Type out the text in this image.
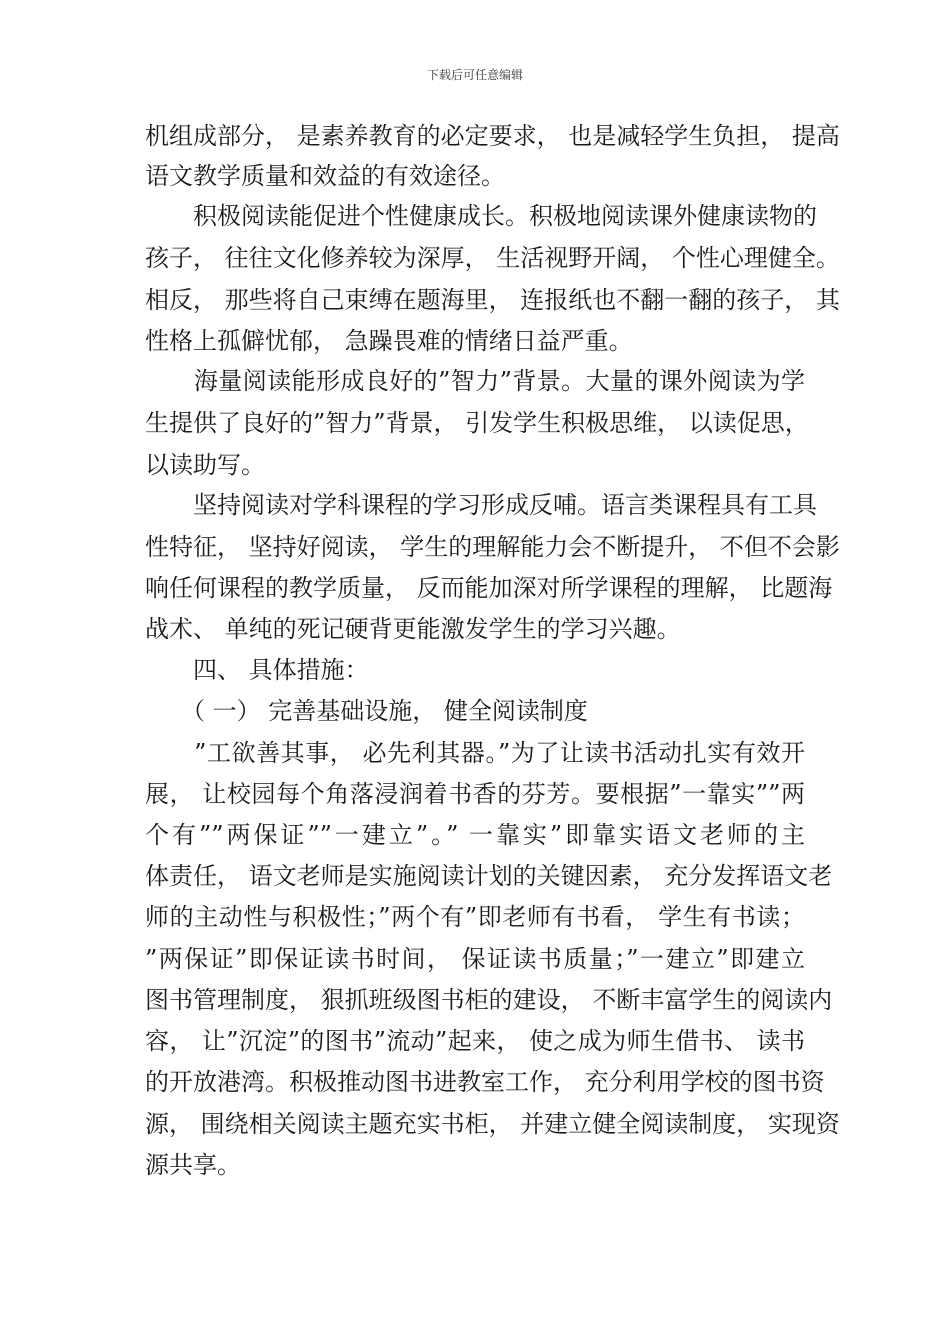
下载后可任意编辑
机组成部分， 是素养教育的必定要求， 也是减轻学生负担， 提高
语文教学质量和效益的有效途径。
　　积极阅读能促进个性健康成长。积极地阅读课外健康读物的
孩子， 往往文化修养较为深厚， 生活视野开阔， 个性心理健全。
相反， 那些将自己束缚在题海里， 连报纸也不翻一翻的孩子， 其
性格上孤僻忧郁， 急躁畏难的情绪日益严重。
　　海量阅读能形成良好的”智力”背景。大量的课外阅读为学
生提供了良好的”智力”背景， 引发学生积极思维， 以读促思，
以读助写。
　　坚持阅读对学科课程的学习形成反哺。语言类课程具有工具
性特征， 坚持好阅读， 学生的理解能力会不断提升， 不但不会影
响任何课程的教学质量， 反而能加深对所学课程的理解， 比题海
战术、 单纯的死记硬背更能激发学生的学习兴趣。
　　四、 具体措施：
　　（ 一） 完善基础设施， 健全阅读制度
　　”工欲善其事， 必先利其器。”为了让读书活动扎实有效开
展， 让校园每个角落浸润着书香的芬芳。要根据”一靠实””两
个有””两保证””一建立”。” 一靠实”即靠实语文老师的主
体责任， 语文老师是实施阅读计划的关键因素， 充分发挥语文老
师的主动性与积极性；”两个有”即老师有书看， 学生有书读；
”两保证”即保证读书时间， 保证读书质量；”一建立”即建立
图书管理制度， 狠抓班级图书柜的建设， 不断丰富学生的阅读内
容， 让”沉淀”的图书”流动”起来， 使之成为师生借书、 读书
的开放港湾。积极推动图书进教室工作， 充分利用学校的图书资
源， 围绕相关阅读主题充实书柜， 并建立健全阅读制度， 实现资
源共享。
